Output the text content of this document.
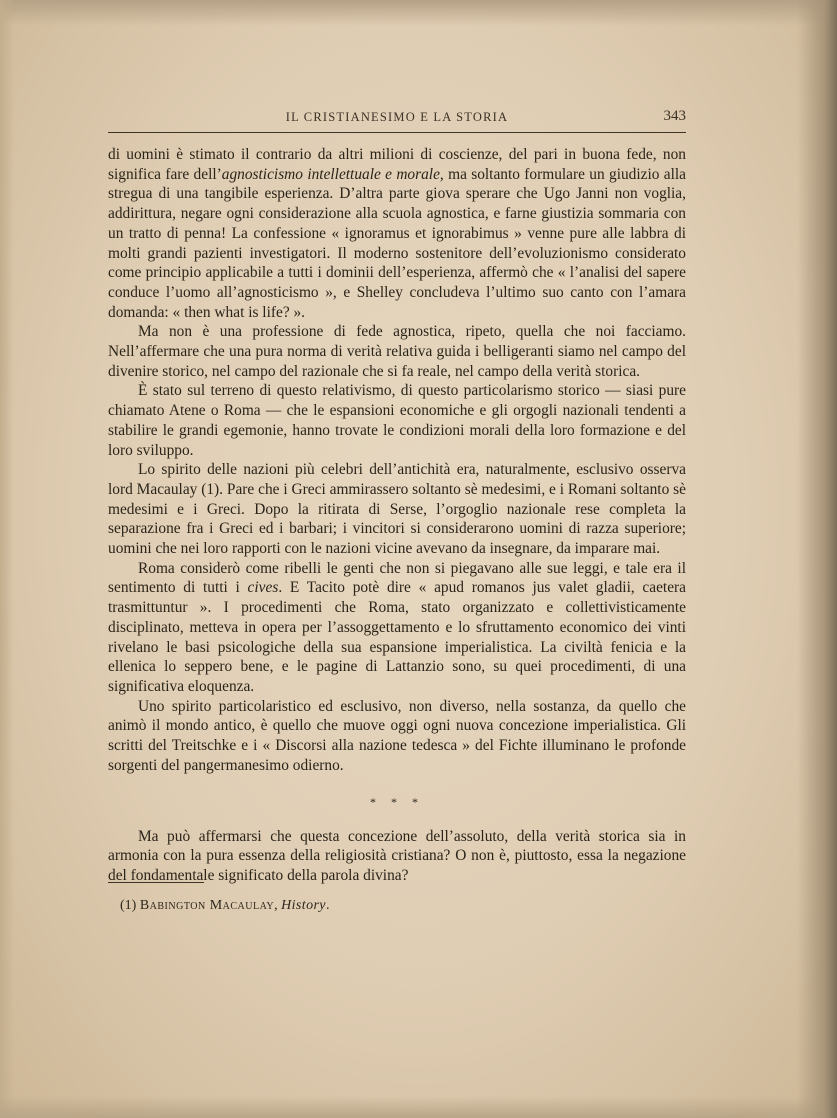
IL CRISTIANESIMO E LA STORIA	343

di uomini è stimato il contrario da altri milioni di coscienze, del pari in buona fede, non significa fare dell’agnosticismo intellettuale e morale, ma soltanto formulare un giudizio alla stregua di una tangibile esperienza. D’altra parte giova sperare che Ugo Janni non voglia, addirittura, negare ogni considerazione alla scuola agnostica, e farne giustizia sommaria con un tratto di penna! La confessione « ignoramus et ignorabimus » venne pure alle labbra di molti grandi pazienti investigatori. Il moderno sostenitore dell’evoluzionismo considerato come principio applicabile a tutti i dominii dell’esperienza, affermò che « l’analisi del sapere conduce l’uomo all’agnosticismo », e Shelley concludeva l’ultimo suo canto con l’amara domanda: « then what is life? ».

Ma non è una professione di fede agnostica, ripeto, quella che noi facciamo. Nell’affermare che una pura norma di verità relativa guida i belligeranti siamo nel campo del divenire storico, nel campo del razionale che si fa reale, nel campo della verità storica.

È stato sul terreno di questo relativismo, di questo particolarismo storico — siasi pure chiamato Atene o Roma — che le espansioni economiche e gli orgogli nazionali tendenti a stabilire le grandi egemonie, hanno trovate le condizioni morali della loro formazione e del loro sviluppo.

Lo spirito delle nazioni più celebri dell’antichità era, naturalmente, esclusivo osserva lord Macaulay (1). Pare che i Greci ammirassero soltanto sè medesimi, e i Romani soltanto sè medesimi e i Greci. Dopo la ritirata di Serse, l’orgoglio nazionale rese completa la separazione fra i Greci ed i barbari; i vincitori si considerarono uomini di razza superiore; uomini che nei loro rapporti con le nazioni vicine avevano da insegnare, da imparare mai.

Roma considerò come ribelli le genti che non si piegavano alle sue leggi, e tale era il sentimento di tutti i cives. E Tacito potè dire « apud romanos jus valet gladii, caetera trasmittuntur ». I procedimenti che Roma, stato organizzato e collettivisticamente disciplinato, metteva in opera per l’assoggettamento e lo sfruttamento economico dei vinti rivelano le basi psicologiche della sua espansione imperialistica. La civiltà fenicia e la ellenica lo seppero bene, e le pagine di Lattanzio sono, su quei procedimenti, di una significativa eloquenza.

Uno spirito particolaristico ed esclusivo, non diverso, nella sostanza, da quello che animò il mondo antico, è quello che muove oggi ogni nuova concezione imperialistica. Gli scritti del Treitschke e i « Discorsi alla nazione tedesca » del Fichte illuminano le profonde sorgenti del pangermanesimo odierno.

* * *

Ma può affermarsi che questa concezione dell’assoluto, della verità storica sia in armonia con la pura essenza della religiosità cristiana? O non è, piuttosto, essa la negazione del fondamentale significato della parola divina?

(1) Babington Macaulay, History.
